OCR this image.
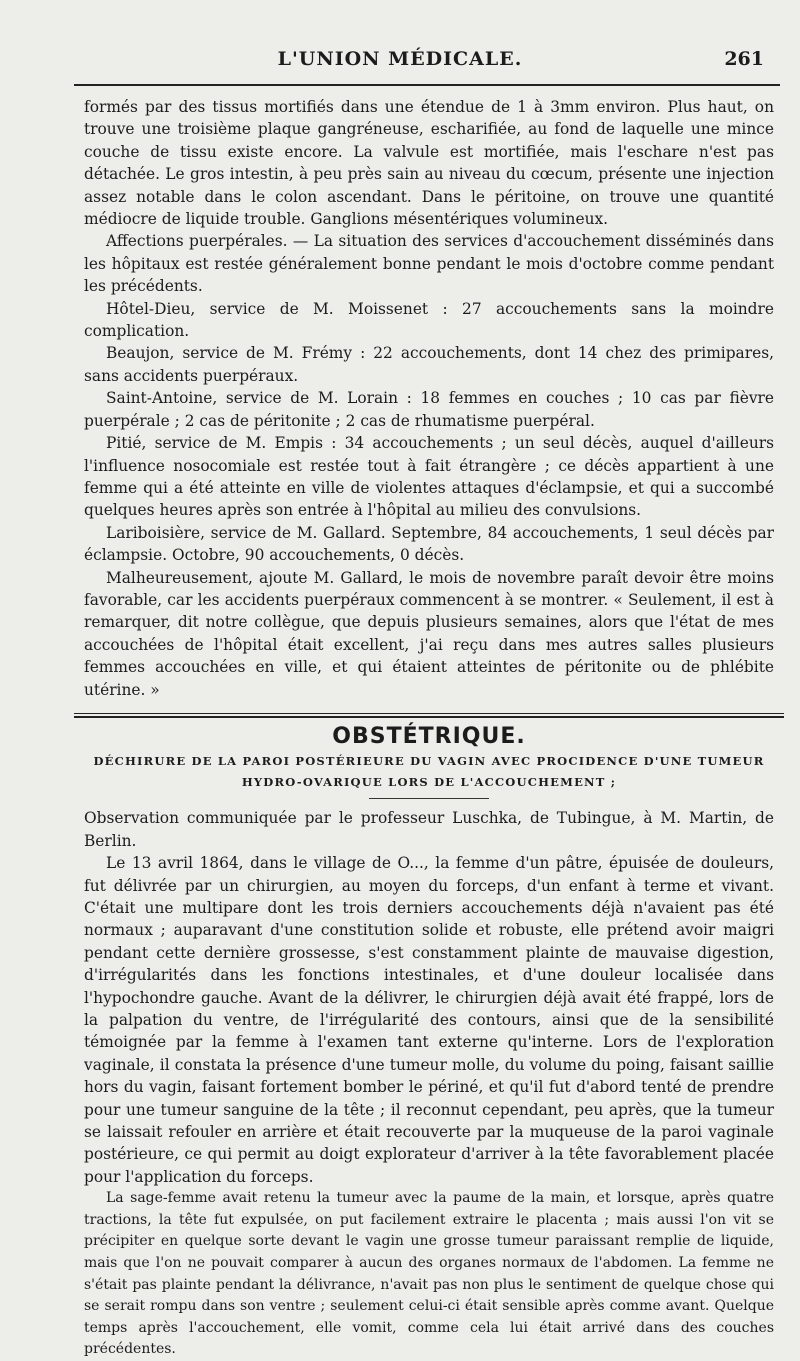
L'UNION MÉDICALE.	261

formés par des tissus mortifiés dans une étendue de 1 à 3mm environ. Plus haut, on trouve une troisième plaque gangréneuse, escharifiée, au fond de laquelle une mince couche de tissu existe encore. La valvule est mortifiée, mais l'eschare n'est pas détachée. Le gros intestin, à peu près sain au niveau du cœcum, présente une injection assez notable dans le colon ascendant. Dans le péritoine, on trouve une quantité médiocre de liquide trouble. Ganglions mésentériques volumineux.

Affections puerpérales. — La situation des services d'accouchement disséminés dans les hôpitaux est restée généralement bonne pendant le mois d'octobre comme pendant les précédents.

Hôtel-Dieu, service de M. Moissenet : 27 accouchements sans la moindre complication.

Beaujon, service de M. Frémy : 22 accouchements, dont 14 chez des primipares, sans accidents puerpéraux.

Saint-Antoine, service de M. Lorain : 18 femmes en couches ; 10 cas par fièvre puerpérale ; 2 cas de péritonite ; 2 cas de rhumatisme puerpéral.

Pitié, service de M. Empis : 34 accouchements ; un seul décès, auquel d'ailleurs l'influence nosocomiale est restée tout à fait étrangère ; ce décès appartient à une femme qui a été atteinte en ville de violentes attaques d'éclampsie, et qui a succombé quelques heures après son entrée à l'hôpital au milieu des convulsions.

Lariboisière, service de M. Gallard. Septembre, 84 accouchements, 1 seul décès par éclampsie. Octobre, 90 accouchements, 0 décès.

Malheureusement, ajoute M. Gallard, le mois de novembre paraît devoir être moins favorable, car les accidents puerpéraux commencent à se montrer. « Seulement, il est à remarquer, dit notre collègue, que depuis plusieurs semaines, alors que l'état de mes accouchées de l'hôpital était excellent, j'ai reçu dans mes autres salles plusieurs femmes accouchées en ville, et qui étaient atteintes de péritonite ou de phlébite utérine. »

OBSTÉTRIQUE.
DÉCHIRURE DE LA PAROI POSTÉRIEURE DU VAGIN AVEC PROCIDENCE D'UNE TUMEUR
HYDRO-OVARIQUE LORS DE L'ACCOUCHEMENT ;

Observation communiquée par le professeur Luschka, de Tubingue, à M. Martin, de Berlin.

Le 13 avril 1864, dans le village de O..., la femme d'un pâtre, épuisée de douleurs, fut délivrée par un chirurgien, au moyen du forceps, d'un enfant à terme et vivant. C'était une multipare dont les trois derniers accouchements déjà n'avaient pas été normaux ; auparavant d'une constitution solide et robuste, elle prétend avoir maigri pendant cette dernière grossesse, s'est constamment plainte de mauvaise digestion, d'irrégularités dans les fonctions intestinales, et d'une douleur localisée dans l'hypochondre gauche. Avant de la délivrer, le chirurgien déjà avait été frappé, lors de la palpation du ventre, de l'irrégularité des contours, ainsi que de la sensibilité témoignée par la femme à l'examen tant externe qu'interne. Lors de l'exploration vaginale, il constata la présence d'une tumeur molle, du volume du poing, faisant saillie hors du vagin, faisant fortement bomber le périné, et qu'il fut d'abord tenté de prendre pour une tumeur sanguine de la tête ; il reconnut cependant, peu après, que la tumeur se laissait refouler en arrière et était recouverte par la muqueuse de la paroi vaginale postérieure, ce qui permit au doigt explorateur d'arriver à la tête favorablement placée pour l'application du forceps.

La sage-femme avait retenu la tumeur avec la paume de la main, et lorsque, après quatre tractions, la tête fut expulsée, on put facilement extraire le placenta ; mais aussi l'on vit se précipiter en quelque sorte devant le vagin une grosse tumeur paraissant remplie de liquide, mais que l'on ne pouvait comparer à aucun des organes normaux de l'abdomen. La femme ne s'était pas plainte pendant la délivrance, n'avait pas non plus le sentiment de quelque chose qui se serait rompu dans son ventre ; seulement celui-ci était sensible après comme avant. Quelque temps après l'accouchement, elle vomit, comme cela lui était arrivé dans des couches précédentes.
